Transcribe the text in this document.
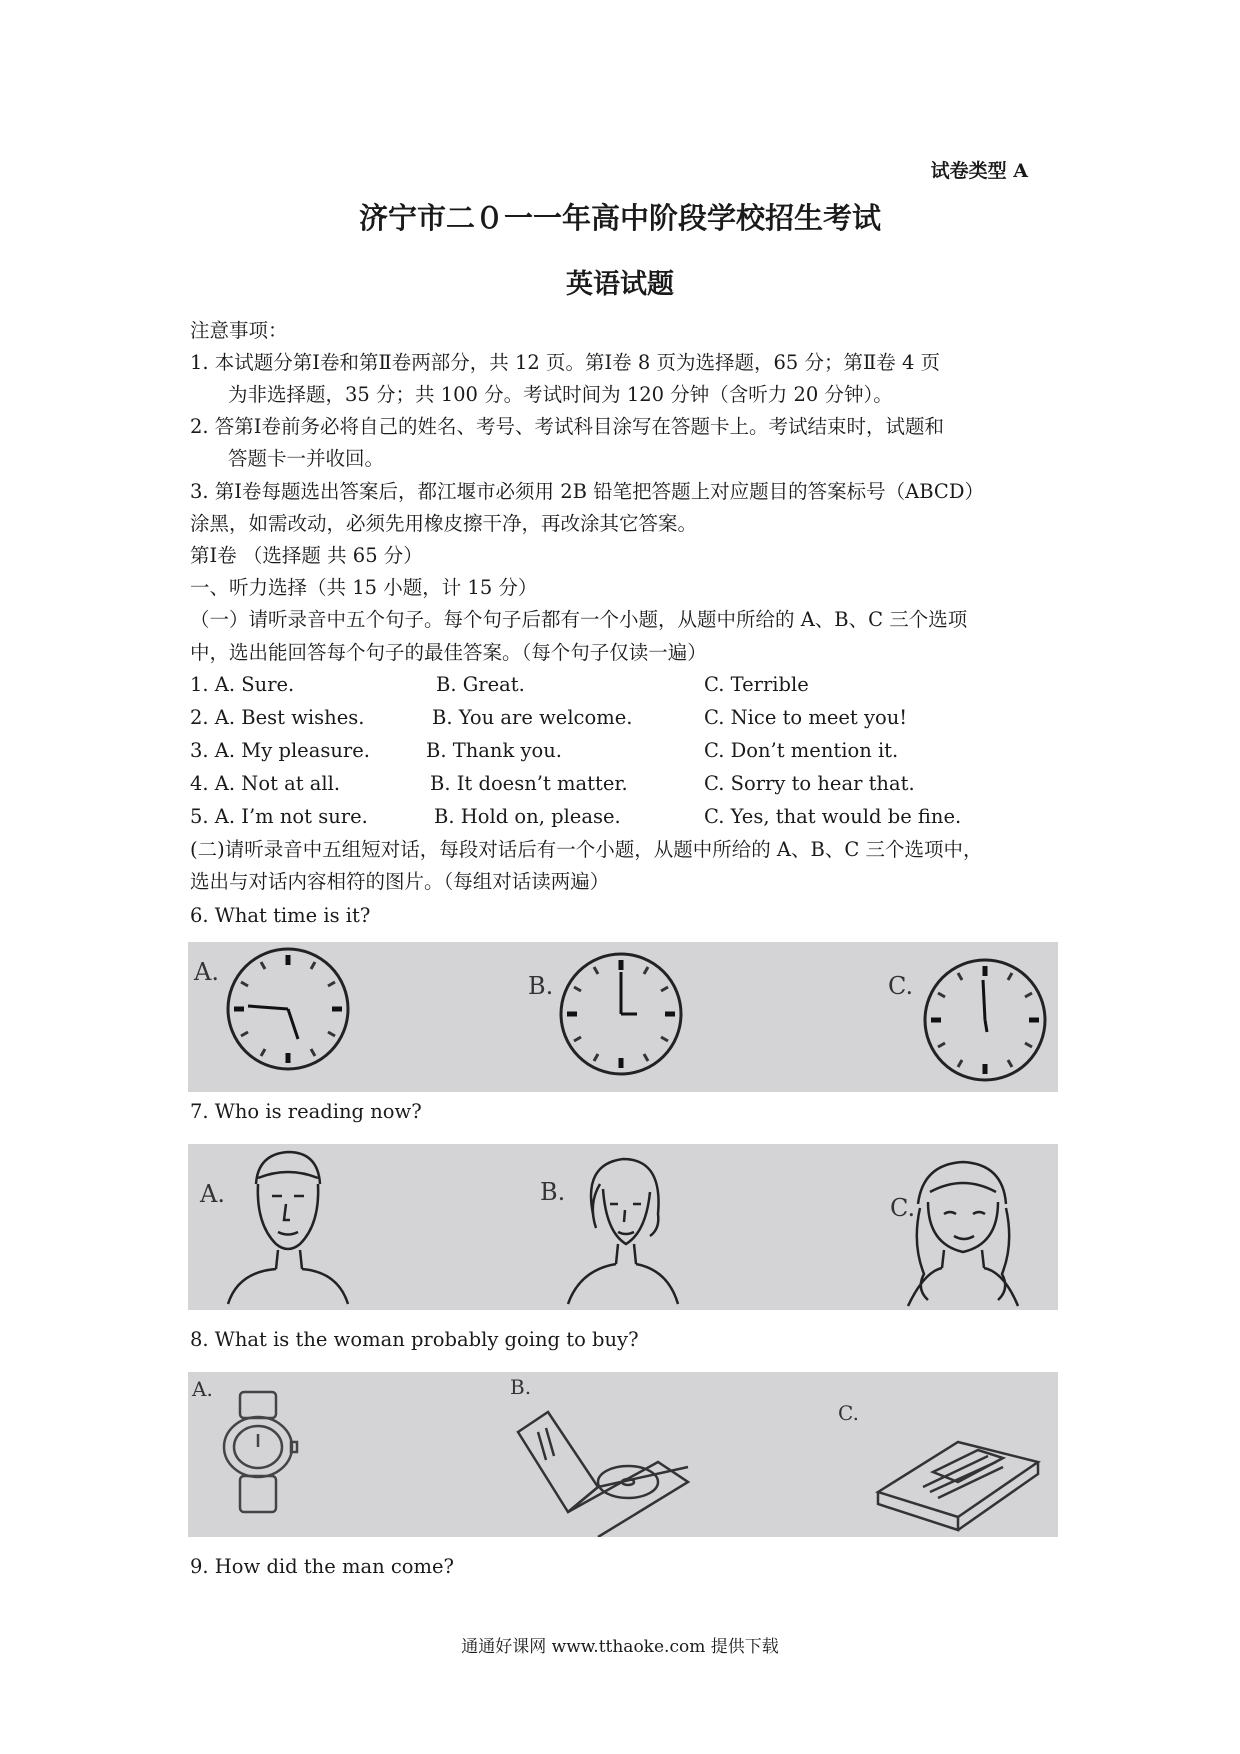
试卷类型 A
济宁市二０一一年高中阶段学校招生考试
英语试题
注意事项：
1. 本试题分第Ⅰ卷和第Ⅱ卷两部分，共 12 页。第Ⅰ卷 8 页为选择题，65 分；第Ⅱ卷 4 页
为非选择题，35 分；共 100 分。考试时间为 120 分钟（含听力 20 分钟）。
2. 答第Ⅰ卷前务必将自己的姓名、考号、考试科目涂写在答题卡上。考试结束时，试题和
答题卡一并收回。
3. 第Ⅰ卷每题选出答案后，都江堰市必须用 2B 铅笔把答题上对应题目的答案标号（ABCD）
涂黑，如需改动，必须先用橡皮擦干净，再改涂其它答案。
第Ⅰ卷 （选择题 共 65 分）
一、听力选择（共 15 小题，计 15 分）
（一）请听录音中五个句子。每个句子后都有一个小题，从题中所给的 A、B、C 三个选项
中，选出能回答每个句子的最佳答案。（每个句子仅读一遍）
1. A. Sure.	B. Great.	C. Terrible
2. A. Best wishes.	B. You are welcome.	C. Nice to meet you!
3. A. My pleasure.	B. Thank you.	C. Don’t mention it.
4. A. Not at all.	B. It doesn’t matter.	C. Sorry to hear that.
5. A. I’m not sure.	B. Hold on, please.	C. Yes, that would be fine.
(二)请听录音中五组短对话，每段对话后有一个小题，从题中所给的 A、B、C 三个选项中，
选出与对话内容相符的图片。（每组对话读两遍）
6. What time is it?
A.	B.	C.
7. Who is reading now?
A.	B.
C.
8. What is the woman probably going to buy?
A.	B.
C.
9. How did the man come?
通通好课网 www.tthaoke.com 提供下载
